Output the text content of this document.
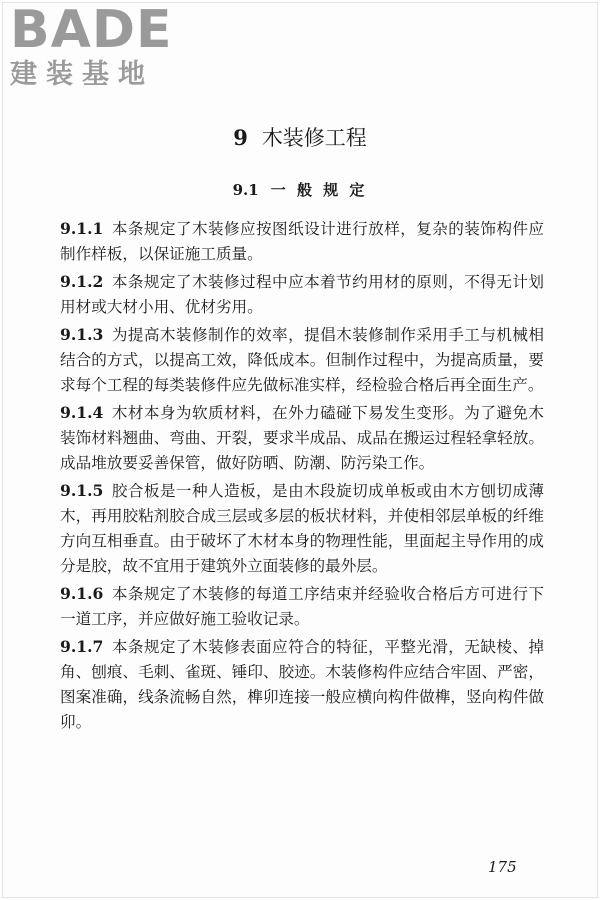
BADE
建装基地
9 木装修工程
9.1 一 般 规 定

9.1.1 本条规定了木装修应按图纸设计进行放样，复杂的装饰构件应制作样板，以保证施工质量。

9.1.2 本条规定了木装修过程中应本着节约用材的原则，不得无计划用材或大材小用、优材劣用。

9.1.3 为提高木装修制作的效率，提倡木装修制作采用手工与机械相结合的方式，以提高工效，降低成本。但制作过程中，为提高质量，要求每个工程的每类装修件应先做标准实样，经检验合格后再全面生产。

9.1.4 木材本身为软质材料，在外力磕碰下易发生变形。为了避免木装饰材料翘曲、弯曲、开裂，要求半成品、成品在搬运过程轻拿轻放。成品堆放要妥善保管，做好防晒、防潮、防污染工作。

9.1.5 胶合板是一种人造板，是由木段旋切成单板或由木方刨切成薄木，再用胶粘剂胶合成三层或多层的板状材料，并使相邻层单板的纤维方向互相垂直。由于破坏了木材本身的物理性能，里面起主导作用的成分是胶，故不宜用于建筑外立面装修的最外层。

9.1.6 本条规定了木装修的每道工序结束并经验收合格后方可进行下一道工序，并应做好施工验收记录。

9.1.7 本条规定了木装修表面应符合的特征，平整光滑，无缺棱、掉角、刨痕、毛刺、雀斑、锤印、胶迹。木装修构件应结合牢固、严密，图案准确，线条流畅自然，榫卯连接一般应横向构件做榫，竖向构件做卯。

175
